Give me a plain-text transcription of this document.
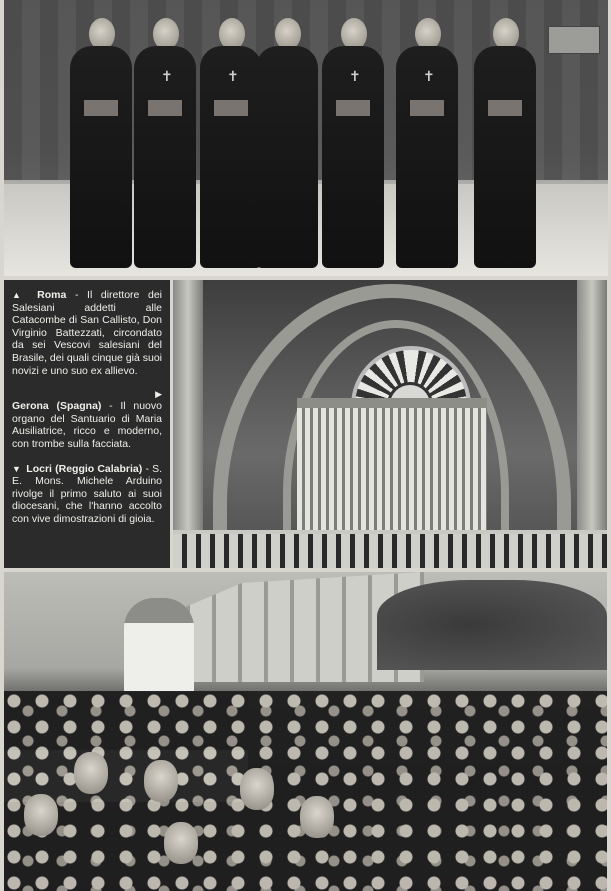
✝	✝	✝	✝

▲ Roma - Il direttore dei Salesiani addetti alle Catacombe di San Callisto, Don Virginio Battezzati, circondato da sei Vescovi salesiani del Brasile, dei quali cinque già suoi novizi e uno suo ex allievo.

▶

Gerona (Spagna) - Il nuovo organo del Santuario di Maria Ausiliatrice, ricco e moderno, con trombe sulla facciata.

▼ Locri (Reggio Calabria) - S. E. Mons. Michele Arduino rivolge il primo saluto ai suoi diocesani, che l'hanno accolto con vive dimostrazioni di gioia.
